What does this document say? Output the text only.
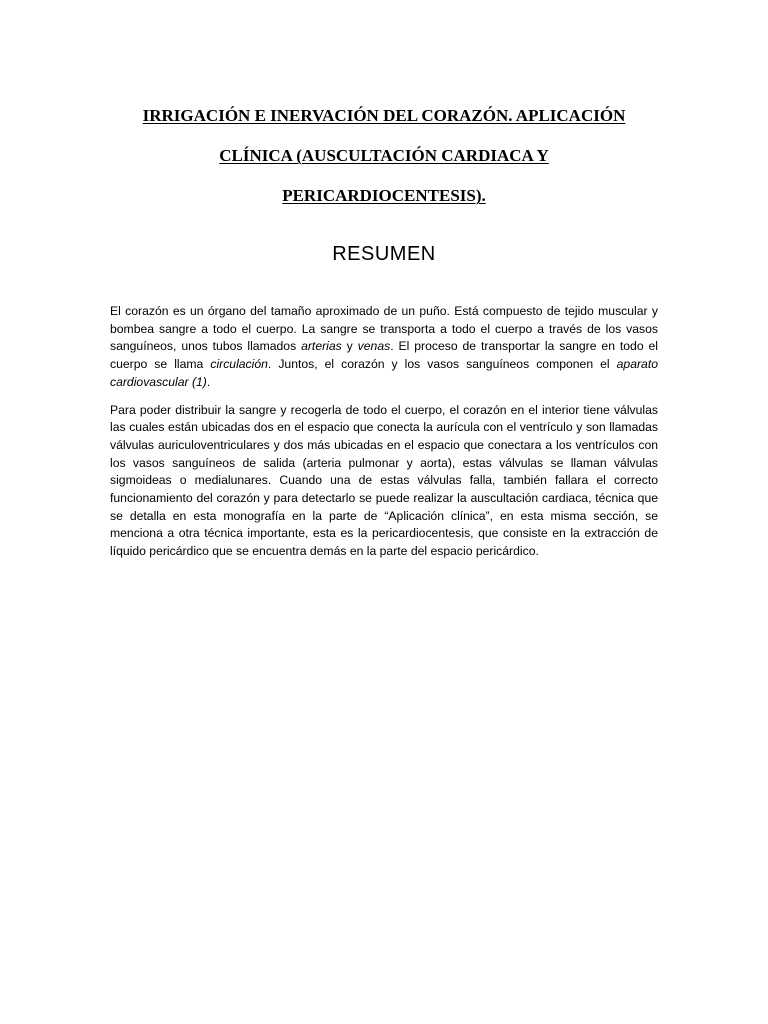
IRRIGACIÓN E INERVACIÓN DEL CORAZÓN. APLICACIÓN
CLÍNICA (AUSCULTACIÓN CARDIACA Y
PERICARDIOCENTESIS).
RESUMEN

El corazón es un órgano del tamaño aproximado de un puño. Está compuesto de tejido muscular y bombea sangre a todo el cuerpo. La sangre se transporta a todo el cuerpo a través de los vasos sanguíneos, unos tubos llamados arterias y venas. El proceso de transportar la sangre en todo el cuerpo se llama circulación. Juntos, el corazón y los vasos sanguíneos componen el aparato cardiovascular (1).

Para poder distribuir la sangre y recogerla de todo el cuerpo, el corazón en el interior tiene válvulas las cuales están ubicadas dos en el espacio que conecta la aurícula con el ventrículo y son llamadas válvulas auriculoventriculares y dos más ubicadas en el espacio que conectara a los ventrículos con los vasos sanguíneos de salida (arteria pulmonar y aorta), estas válvulas se llaman válvulas sigmoideas o medialunares. Cuando una de estas válvulas falla, también fallara el correcto funcionamiento del corazón y para detectarlo se puede realizar la auscultación cardiaca, técnica que se detalla en esta monografía en la parte de “Aplicación clínica”, en esta misma sección, se menciona a otra técnica importante, esta es la pericardiocentesis, que consiste en la extracción de líquido pericárdico que se encuentra demás en la parte del espacio pericárdico.
